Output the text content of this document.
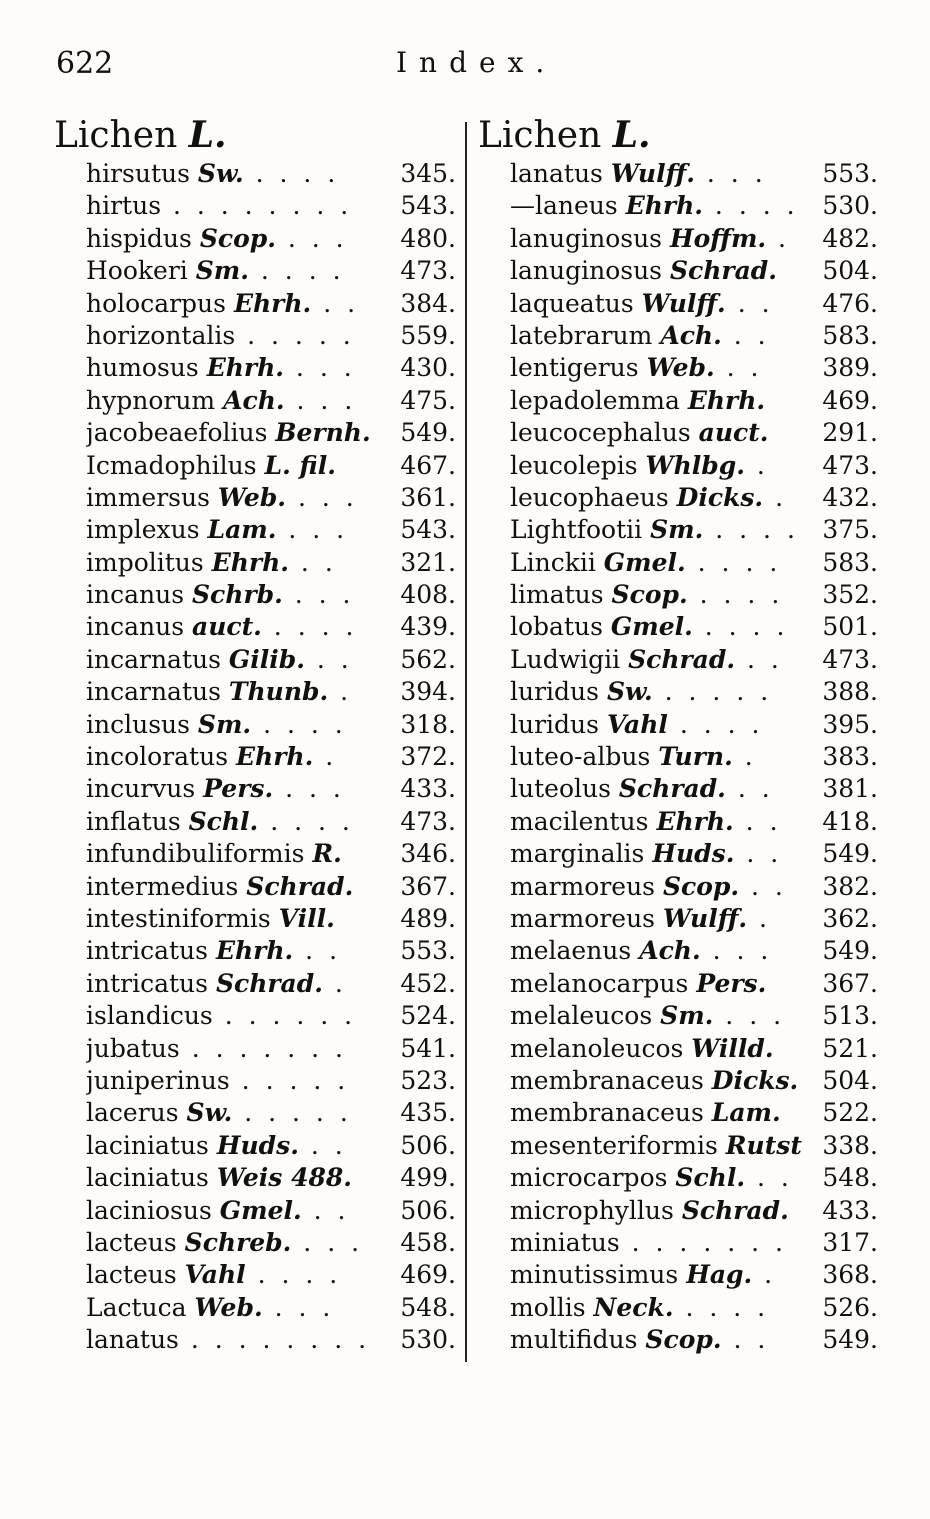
622	Index.
Lichen L.
hirsutus Sw. . . . .	345.
hirtus . . . . . . . .	543.
hispidus Scop. . . .	480.
Hookeri Sm. . . . .	473.
holocarpus Ehrh. . .	384.
horizontalis . . . . .	559.
humosus Ehrh. . . .	430.
hypnorum Ach. . . .	475.
jacobeaefolius Bernh.	549.
Icmadophilus L. fil.	467.
immersus Web. . . .	361.
implexus Lam. . . .	543.
impolitus Ehrh. . .	321.
incanus Schrb. . . .	408.
incanus auct. . . . .	439.
incarnatus Gilib. . .	562.
incarnatus Thunb. .	394.
inclusus Sm. . . . .	318.
incoloratus Ehrh. .	372.
incurvus Pers. . . .	433.
inflatus Schl. . . . .	473.
infundibuliformis R.	346.
intermedius Schrad.	367.
intestiniformis Vill.	489.
intricatus Ehrh. . .	553.
intricatus Schrad. .	452.
islandicus . . . . . .	524.
jubatus . . . . . . .	541.
juniperinus . . . . .	523.
lacerus Sw. . . . . .	435.
laciniatus Huds. . .	506.
laciniatus Weis 488.	499.
laciniosus Gmel. . .	506.
lacteus Schreb. . . .	458.
lacteus Vahl . . . .	469.
Lactuca Web. . . .	548.
lanatus . . . . . . . .	530.
Lichen L.
lanatus Wulff. . . .	553.
—laneus Ehrh. . . . . 530.
lanuginosus Hoffm. .	482.
lanuginosus Schrad.	504.
laqueatus Wulff. . .	476.
latebrarum Ach. . .	583.
lentigerus Web. . .	389.
lepadolemma Ehrh.	469.
leucocephalus auct.	291.
leucolepis Whlbg. .	473.
leucophaeus Dicks. .	432.
Lightfootii Sm. . . . . 375.
Linckii Gmel. . . . .	583.
limatus Scop. . . . .	352.
lobatus Gmel. . . . .	501.
Ludwigii Schrad. . .	473.
luridus Sw. . . . . .	388.
luridus Vahl . . . .	395.
luteo-albus Turn. .	383.
luteolus Schrad. . .	381.
macilentus Ehrh. . .	418.
marginalis Huds. . .	549.
marmoreus Scop. . .	382.
marmoreus Wulff. .	362.
melaenus Ach. . . .	549.
melanocarpus Pers.	367.
melaleucos Sm. . . .	513.
melanoleucos Willd.	521.
membranaceus Dicks. 504.
membranaceus Lam.	522.
mesenteriformis Rutst 338.
microcarpos Schl. . .	548.
microphyllus Schrad.	433.
miniatus . . . . . . .	317.
minutissimus Hag. .	368.
mollis Neck. . . . .	526.
multifidus Scop. . .	549.
